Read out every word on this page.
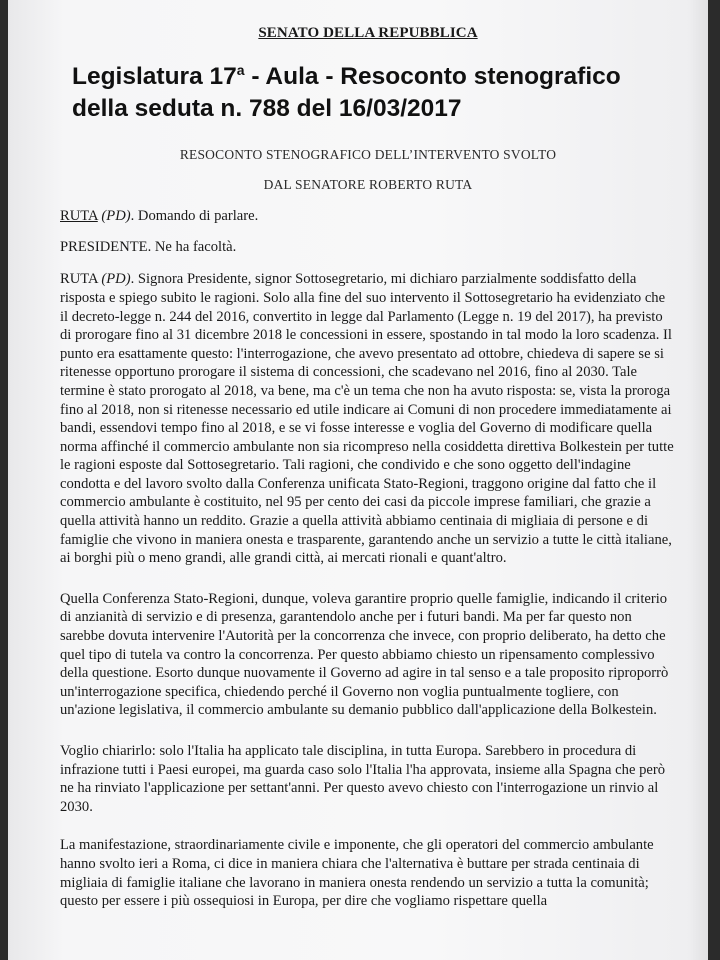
SENATO DELLA REPUBBLICA
Legislatura 17$^a$ - Aula - Resoconto stenografico
della seduta n. 788 del 16/03/2017
RESOCONTO STENOGRAFICO DELL’INTERVENTO SVOLTO
DAL SENATORE ROBERTO RUTA

RUTA (PD). Domando di parlare.

PRESIDENTE. Ne ha facoltà.

RUTA (PD). Signora Presidente, signor Sottosegretario, mi dichiaro parzialmente soddisfatto della risposta e spiego subito le ragioni. Solo alla fine del suo intervento il Sottosegretario ha evidenziato che il decreto-legge n. 244 del 2016, convertito in legge dal Parlamento (Legge n. 19 del 2017), ha previsto di prorogare fino al 31 dicembre 2018 le concessioni in essere, spostando in tal modo la loro scadenza. Il punto era esattamente questo: l'interrogazione, che avevo presentato ad ottobre, chiedeva di sapere se si ritenesse opportuno prorogare il sistema di concessioni, che scadevano nel 2016, fino al 2030. Tale termine è stato prorogato al 2018, va bene, ma c'è un tema che non ha avuto risposta: se, vista la proroga fino al 2018, non si ritenesse necessario ed utile indicare ai Comuni di non procedere immediatamente ai bandi, essendovi tempo fino al 2018, e se vi fosse interesse e voglia del Governo di modificare quella norma affinché il commercio ambulante non sia ricompreso nella cosiddetta direttiva Bolkestein per tutte le ragioni esposte dal Sottosegretario. Tali ragioni, che condivido e che sono oggetto dell'indagine condotta e del lavoro svolto dalla Conferenza unificata Stato-Regioni, traggono origine dal fatto che il commercio ambulante è costituito, nel 95 per cento dei casi da piccole imprese familiari, che grazie a quella attività hanno un reddito. Grazie a quella attività abbiamo centinaia di migliaia di persone e di famiglie che vivono in maniera onesta e trasparente, garantendo anche un servizio a tutte le città italiane, ai borghi più o meno grandi, alle grandi città, ai mercati rionali e quant'altro.

Quella Conferenza Stato-Regioni, dunque, voleva garantire proprio quelle famiglie, indicando il criterio di anzianità di servizio e di presenza, garantendolo anche per i futuri bandi. Ma per far questo non sarebbe dovuta intervenire l'Autorità per la concorrenza che invece, con proprio deliberato, ha detto che quel tipo di tutela va contro la concorrenza. Per questo abbiamo chiesto un ripensamento complessivo della questione. Esorto dunque nuovamente il Governo ad agire in tal senso e a tale proposito riproporrò un'interrogazione specifica, chiedendo perché il Governo non voglia puntualmente togliere, con un'azione legislativa, il commercio ambulante su demanio pubblico dall'applicazione della Bolkestein.

Voglio chiarirlo: solo l'Italia ha applicato tale disciplina, in tutta Europa. Sarebbero in procedura di infrazione tutti i Paesi europei, ma guarda caso solo l'Italia l'ha approvata, insieme alla Spagna che però ne ha rinviato l'applicazione per settant'anni. Per questo avevo chiesto con l'interrogazione un rinvio al 2030.

La manifestazione, straordinariamente civile e imponente, che gli operatori del commercio ambulante hanno svolto ieri a Roma, ci dice in maniera chiara che l'alternativa è buttare per strada centinaia di migliaia di famiglie italiane che lavorano in maniera onesta rendendo un servizio a tutta la comunità; questo per essere i più ossequiosi in Europa, per dire che vogliamo rispettare quella
